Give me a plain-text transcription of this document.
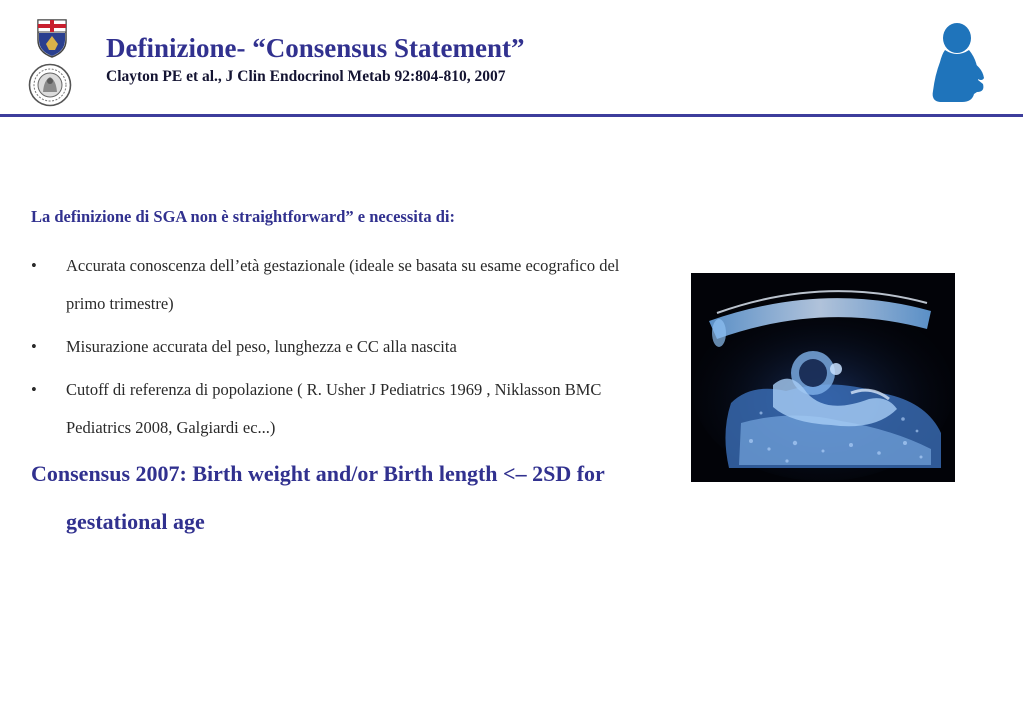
Definizione- “Consensus Statement”

Clayton PE et al., J Clin Endocrinol Metab 92:804-810, 2007

La definizione di SGA non è straightforward” e necessita di:

•	Accurata conoscenza dell’età gestazionale (ideale se basata su esame ecografico del primo trimestre)
•	Misurazione accurata del peso, lunghezza e CC alla nascita
•	Cutoff di referenza di popolazione ( R. Usher J Pediatrics 1969 , Niklasson BMC Pediatrics 2008, Galgiardi ec...)

Consensus 2007: Birth weight and/or Birth length <– 2SD for gestational age
